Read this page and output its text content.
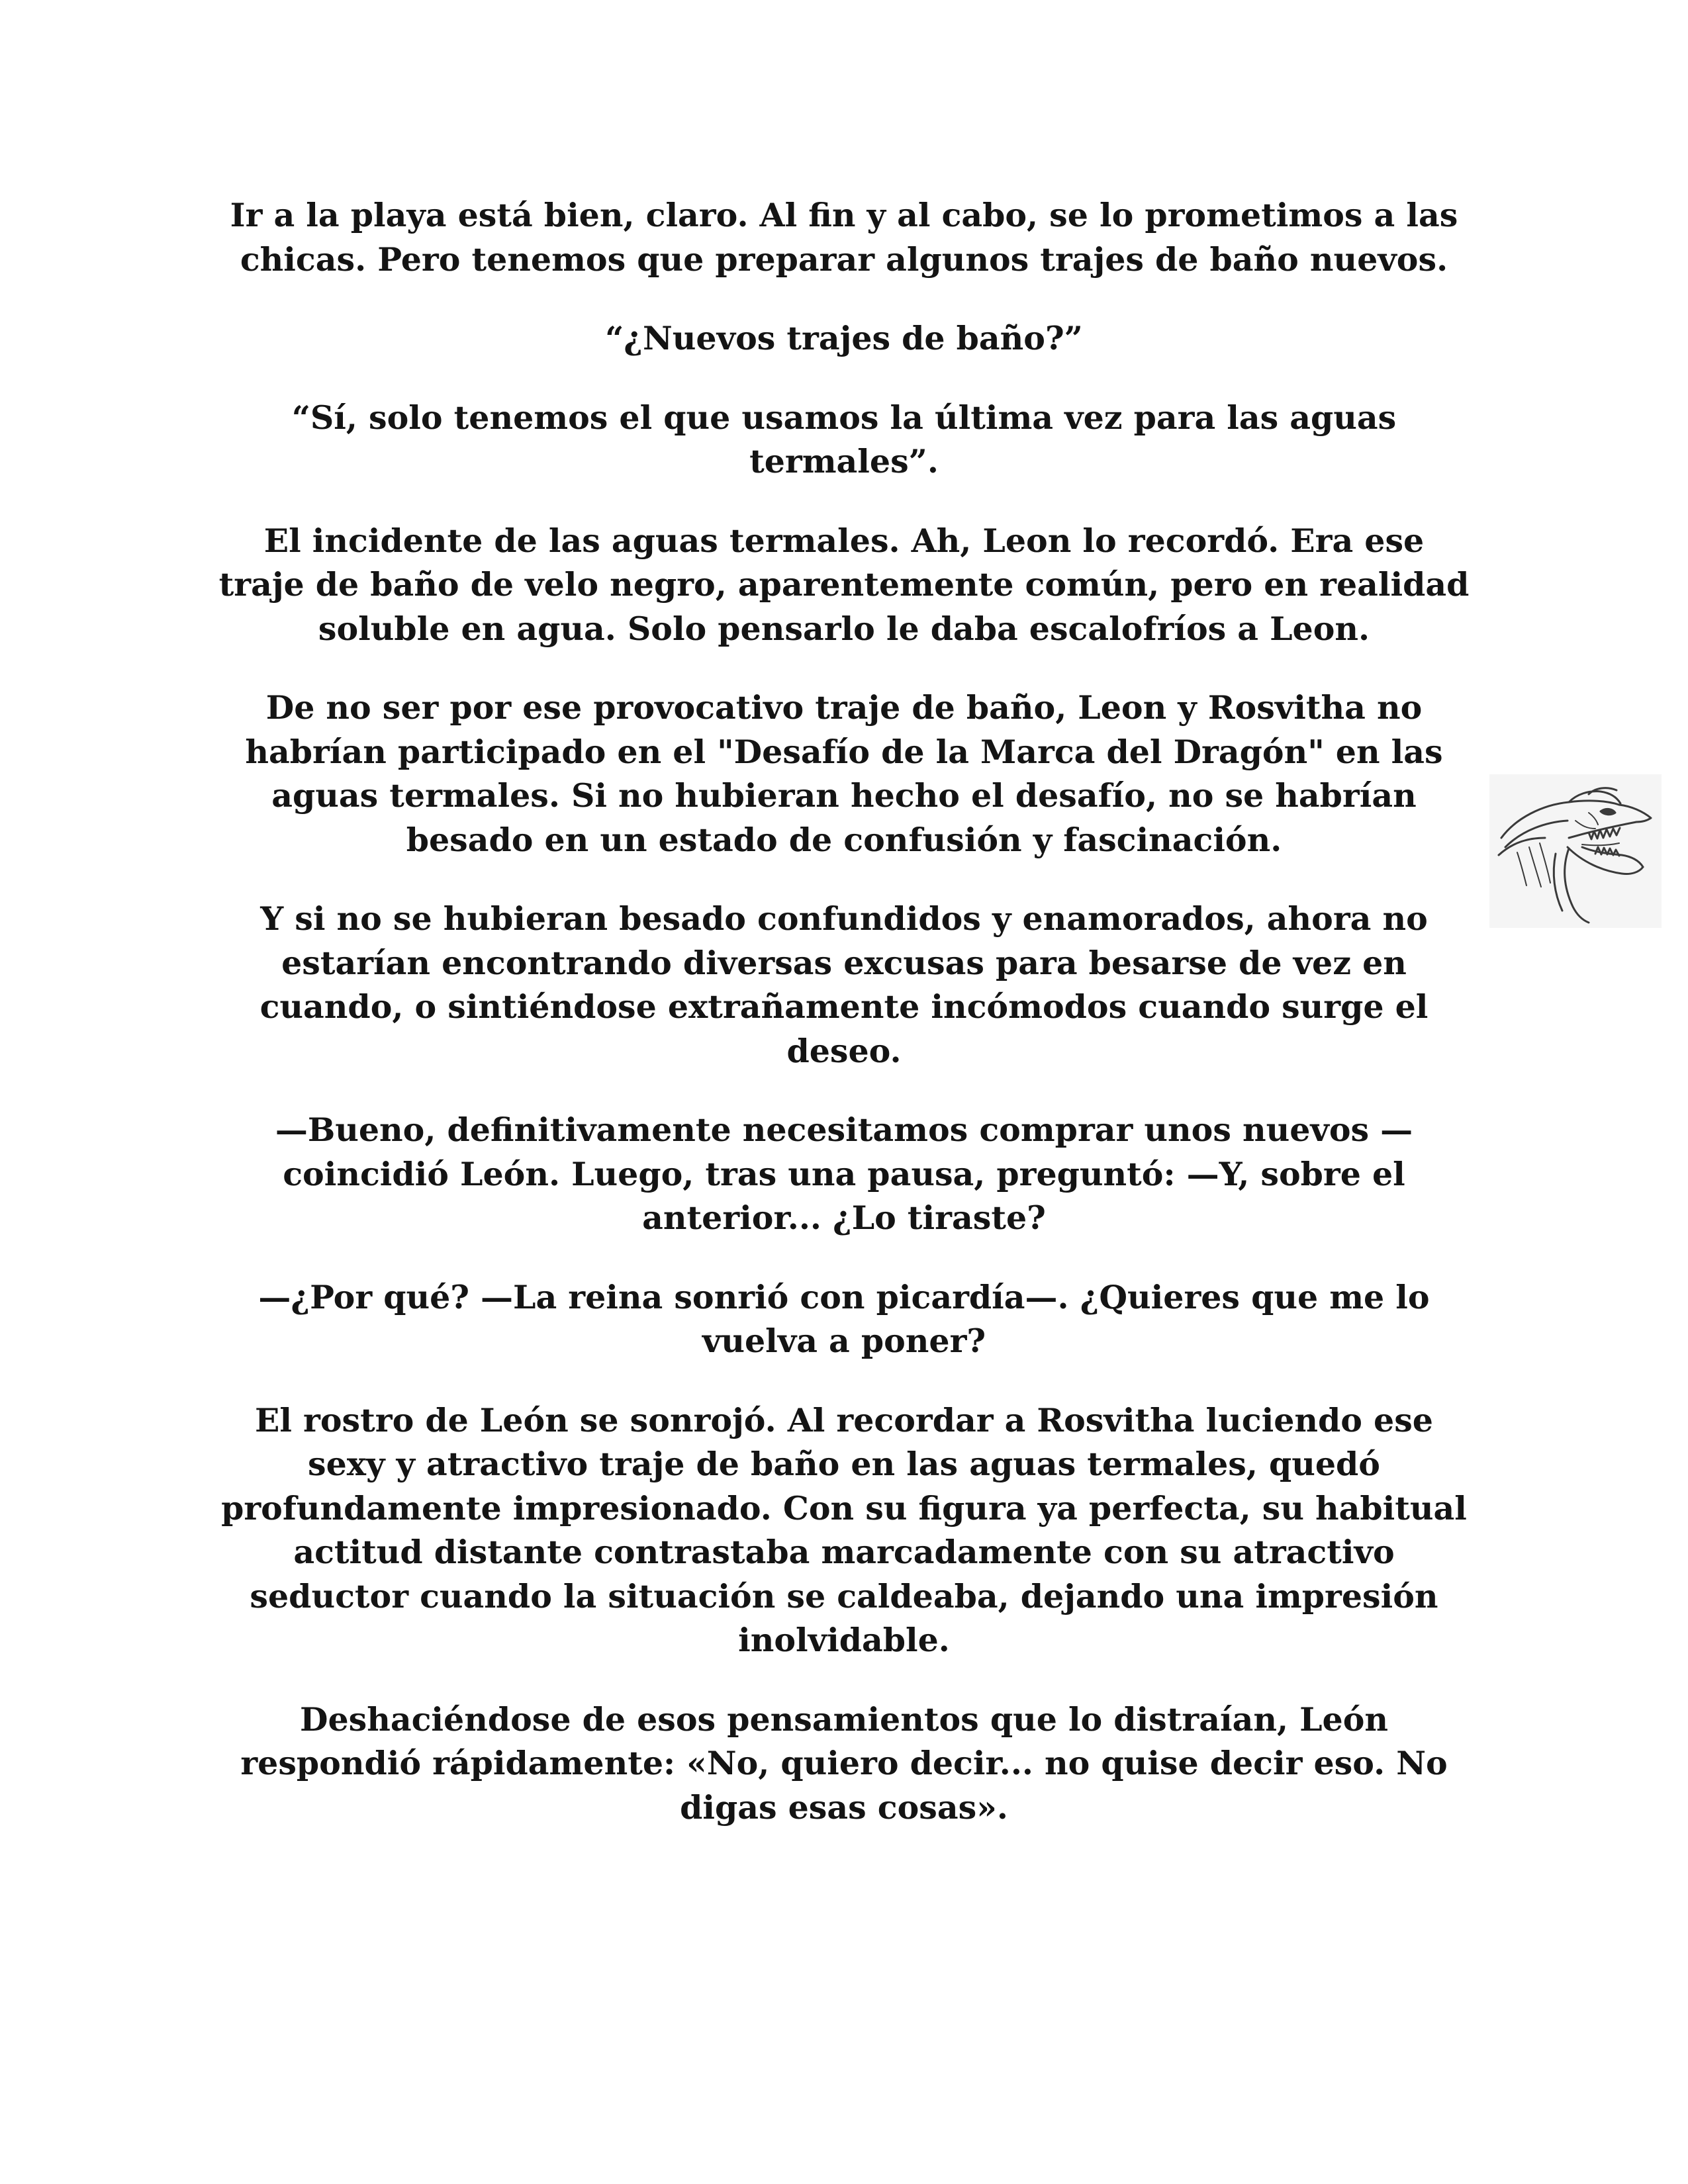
Ir a la playa está bien, claro. Al fin y al cabo, se lo prometimos a las chicas. Pero tenemos que preparar algunos trajes de baño nuevos.

“¿Nuevos trajes de baño?”

“Sí, solo tenemos el que usamos la última vez para las aguas termales”.

El incidente de las aguas termales. Ah, Leon lo recordó. Era ese traje de baño de velo negro, aparentemente común, pero en realidad soluble en agua. Solo pensarlo le daba escalofríos a Leon.

De no ser por ese provocativo traje de baño, Leon y Rosvitha no habrían participado en el "Desafío de la Marca del Dragón" en las aguas termales. Si no hubieran hecho el desafío, no se habrían besado en un estado de confusión y fascinación.

Y si no se hubieran besado confundidos y enamorados, ahora no estarían encontrando diversas excusas para besarse de vez en cuando, o sintiéndose extrañamente incómodos cuando surge el deseo.

—Bueno, definitivamente necesitamos comprar unos nuevos — coincidió León. Luego, tras una pausa, preguntó: —Y, sobre el anterior... ¿Lo tiraste?

—¿Por qué? —La reina sonrió con picardía—. ¿Quieres que me lo vuelva a poner?

El rostro de León se sonrojó. Al recordar a Rosvitha luciendo ese sexy y atractivo traje de baño en las aguas termales, quedó profundamente impresionado. Con su figura ya perfecta, su habitual actitud distante contrastaba marcadamente con su atractivo seductor cuando la situación se caldeaba, dejando una impresión inolvidable.

Deshaciéndose de esos pensamientos que lo distraían, León respondió rápidamente: «No, quiero decir... no quise decir eso. No digas esas cosas».
